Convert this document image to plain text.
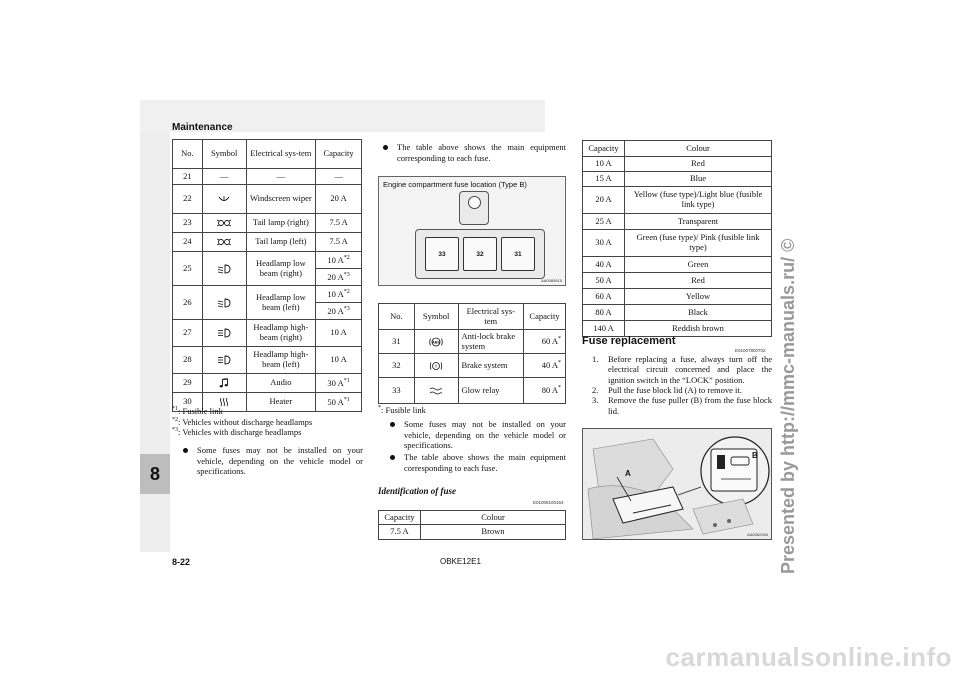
Maintenance
8
No.	Symbol	Electrical sys-tem	Capacity
21	—	—	—
22		Windscreen wiper	20 A
23		Tail lamp (right)	7.5 A
24		Tail lamp (left)	7.5 A
25		Headlamp low beam (right)	10 $A^{*2}$
			20 $A^{*3}$
26		Headlamp low beam (left)	10 $A^{*2}$
			20 $A^{*3}$
27		Headlamp high-beam (right)	10 A
28		Headlamp high-beam (left)	10 A
29		Audio	30 $A^{*1}$
30		Heater	50 $A^{*1}$
$^{*1}$: Fusible link
$^{*2}$: Vehicles without discharge headlamps
$^{*3}$: Vehicles with discharge headlamps
Some fuses may not be installed on your vehicle, depending on the vehicle model or specifications.
The table above shows the main equipment corresponding to each fuse.
Engine compartment fuse location (Type B)
33	32	31
AA0089515
No.	Symbol	Electrical sys-tem	Capacity
31	ABS	Anti-lock brake system	60 A*
32	!	Brake system	40 A*
33		Glow relay	80 A*
*: Fusible link
Some fuses may not be installed on your vehicle, depending on the vehicle model or specifications.
The table above shows the main equipment corresponding to each fuse.
Identification of fuse
E01008100164
Capacity	Colour
7.5 A	Brown
Capacity	Colour
10 A	Red
15 A	Blue
20 A	Yellow (fuse type)/Light blue (fusible link type)
25 A	Transparent
30 A	Green (fuse type)/ Pink (fusible link type)
40 A	Green
50 A	Red
60 A	Yellow
80 A	Black
140 A	Reddish brown
Fuse replacement
E01007800702
1. Before replacing a fuse, always turn off the electrical circuit concerned and place the ignition switch in the “LOCK” position.
2. Pull the fuse block lid (A) to remove it.
3. Remove the fuse puller (B) from the fuse block lid.
A
B
AA0062345
8-22	OBKE12E1	Presented by http://mmc-manuals.ru/ ©
carmanualsonline.info
